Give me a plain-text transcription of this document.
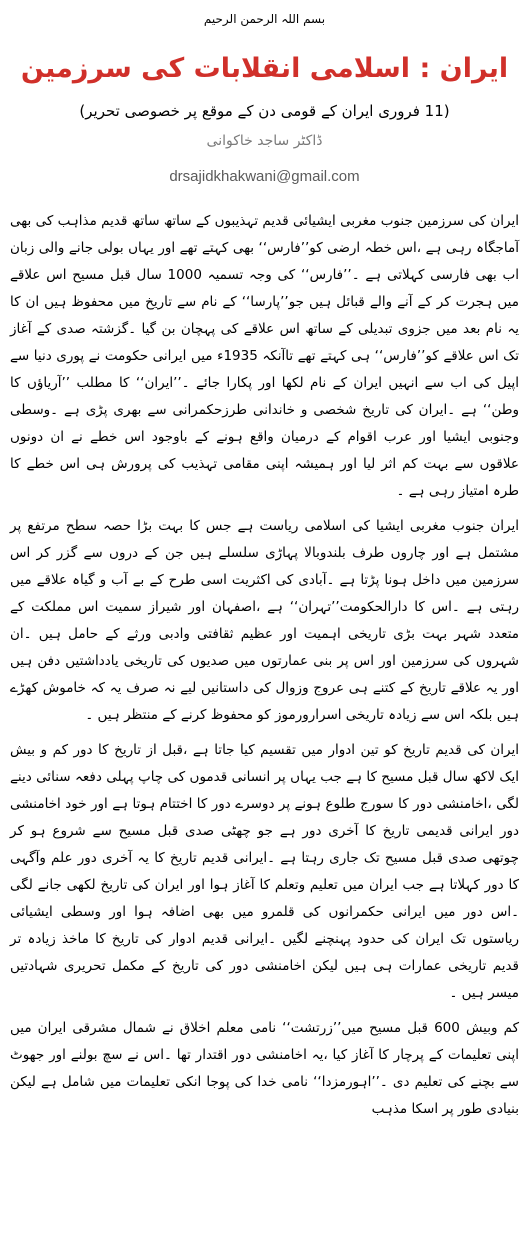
بسم اللہ الرحمن الرحیم
ایران : اسلامی انقلابات کی سرزمین
(11 فروری ایران کے قومی دن کے موقع پر خصوصی تحریر)
ڈاکٹر ساجد خاکوانی
drsajidkhakwani@gmail.com

ایران کی سرزمین جنوب مغربی ایشیائی قدیم تہذیبوں کے ساتھ ساتھ قدیم مذاہب کی بھی آماجگاہ رہی ہے ،اس خطہ ارضی کو’’فارس‘‘ بھی کہتے تھے اور یہاں بولی جانے والی زبان اب بھی فارسی کہلاتی ہے ۔’’فارس‘‘ کی وجہ تسمیہ 1000 سال قبل مسیح اس علاقے میں ہجرت کر کے آنے والے قبائل ہیں جو’’پارسا‘‘ کے نام سے تاریخ میں محفوظ ہیں ان کا یہ نام بعد میں جزوی تبدیلی کے ساتھ اس علاقے کی پہچان بن گیا ۔گزشتہ صدی کے آغاز تک اس علاقے کو’’فارس‘‘ ہی کہتے تھے تاآنکہ 1935ء میں ایرانی حکومت نے پوری دنیا سے اپیل کی اب سے انہیں ایران کے نام لکھا اور پکارا جائے ۔’’ایران‘‘ کا مطلب ’’آریاؤں کا وطن‘‘ ہے ۔ایران کی تاریخ شخصی و خاندانی طرزحکمرانی سے بھری پڑی ہے ۔وسطی وجنوبی ایشیا اور عرب اقوام کے درمیان واقع ہونے کے باوجود اس خطے نے ان دونوں علاقوں سے بہت کم اثر لیا اور ہمیشہ اپنی مقامی تہذیب کی پرورش ہی اس خطے کا طرہ امتیاز رہی ہے ۔

ایران جنوب مغربی ایشیا کی اسلامی ریاست ہے جس کا بہت بڑا حصہ سطح مرتفع پر مشتمل ہے اور چاروں طرف بلندوبالا پہاڑی سلسلے ہیں جن کے دروں سے گزر کر اس سرزمین میں داخل ہونا پڑتا ہے ۔آبادی کی اکثریت اسی طرح کے بے آب و گیاہ علاقے میں رہتی ہے ۔اس کا دارالحکومت’’تہران‘‘ ہے ،اصفہان اور شیراز سمیت اس مملکت کے متعدد شہر بہت بڑی تاریخی اہمیت اور عظیم ثقافتی وادبی ورثے کے حامل ہیں ۔ان شہروں کی سرزمین اور اس پر بنی عمارتوں میں صدیوں کی تاریخی یادداشتیں دفن ہیں اور یہ علاقے تاریخ کے کتنے ہی عروج وزوال کی داستانیں لیے نہ صرف یہ کہ خاموش کھڑے ہیں بلکہ اس سے زیادہ تاریخی اسرارورموز کو محفوظ کرنے کے منتظر ہیں ۔

ایران کی قدیم تاریخ کو تین ادوار میں تقسیم کیا جاتا ہے ،قبل از تاریخ کا دور کم و بیش ایک لاکھ سال قبل مسیح کا ہے جب یہاں پر انسانی قدموں کی چاپ پہلی دفعہ سنائی دینے لگی ،اخامنشی دور کا سورج طلوع ہونے پر دوسرے دور کا اختتام ہوتا ہے اور خود اخامنشی دور ایرانی قدیمی تاریخ کا آخری دور ہے جو چھٹی صدی قبل مسیح سے شروع ہو کر چوتھی صدی قبل مسیح تک جاری رہتا ہے ۔ایرانی قدیم تاریخ کا یہ آخری دور علم وآگہی کا دور کہلاتا ہے جب ایران میں تعلیم وتعلم کا آغاز ہوا اور ایران کی تاریخ لکھی جانے لگی ۔اس دور میں ایرانی حکمرانوں کی قلمرو میں بھی اضافہ ہوا اور وسطی ایشیائی ریاستوں تک ایران کی حدود پہنچنے لگیں ۔ایرانی قدیم ادوار کی تاریخ کا ماخذ زیادہ تر قدیم تاریخی عمارات ہی ہیں لیکن اخامنشی دور کی تاریخ کے مکمل تحریری شہادتیں میسر ہیں ۔

کم وبیش 600 قبل مسیح میں’’زرتشت‘‘ نامی معلم اخلاق نے شمال مشرقی ایران میں اپنی تعلیمات کے پرچار کا آغاز کیا ،یہ اخامنشی دور اقتدار تھا ۔اس نے سچ بولنے اور جھوٹ سے بچنے کی تعلیم دی ۔’’اہورمزدا‘‘ نامی خدا کی پوجا انکی تعلیمات میں شامل ہے لیکن بنیادی طور پر اسکا مذہب
